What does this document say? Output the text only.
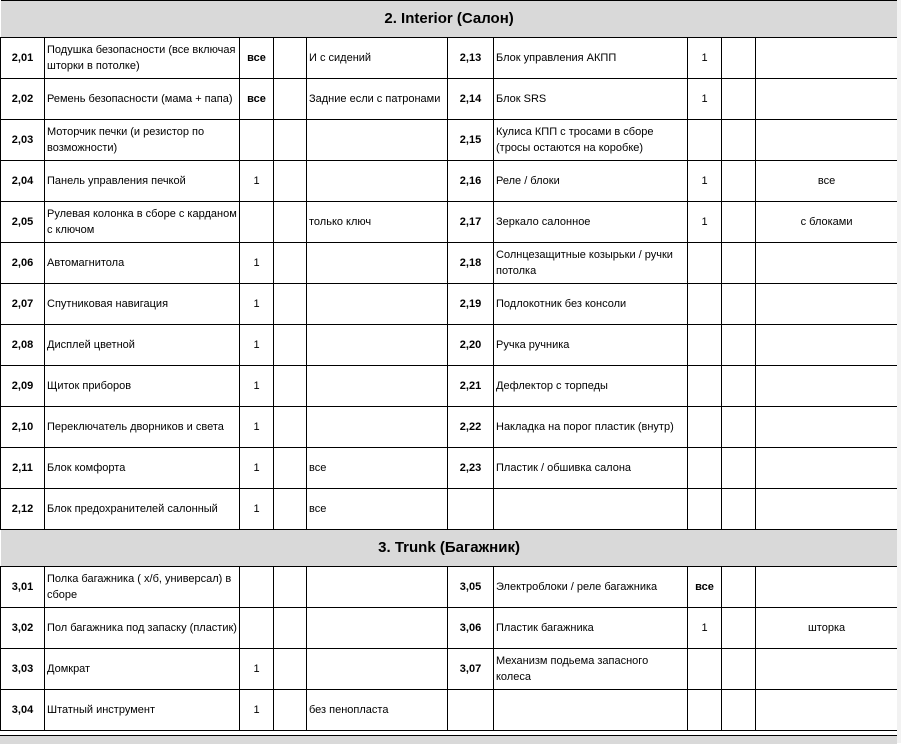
2. Interior (Салон)									
2,01	Подушка безопасности (все включая шторки в потолке)	все		И с сидений	2,13	Блок управления АКПП	1		
2,02	Ремень безопасности (мама + папа)	все		Задние если с патронами	2,14	Блок SRS	1		
2,03	Моторчик печки (и резистор по возможности)				2,15	Кулиса КПП с тросами в сборе (тросы остаются на коробке)			
2,04	Панель управления печкой	1			2,16	Реле / блоки	1		все
2,05	Рулевая колонка в сборе с карданом с ключом			только ключ	2,17	Зеркало салонное	1		с блоками
2,06	Автомагнитола	1			2,18	Солнцезащитные козырьки / ручки потолка			
2,07	Спутниковая навигация	1			2,19	Подлокотник без консоли			
2,08	Дисплей цветной	1			2,20	Ручка ручника			
2,09	Щиток приборов	1			2,21	Дефлектор с торпеды			
2,10	Переключатель дворников и света	1			2,22	Накладка на порог пластик (внутр)			
2,11	Блок комфорта	1		все	2,23	Пластик / обшивка салона			
2,12	Блок предохранителей салонный	1		все					
3. Trunk (Багажник)									
3,01	Полка багажника ( х/б, универсал) в сборе				3,05	Электроблоки / реле багажника	все		
3,02	Пол багажника под запаску (пластик)				3,06	Пластик багажника	1		шторка
3,03	Домкрат	1			3,07	Механизм подьема запасного колеса			
3,04	Штатный инструмент	1		без пенопласта					
